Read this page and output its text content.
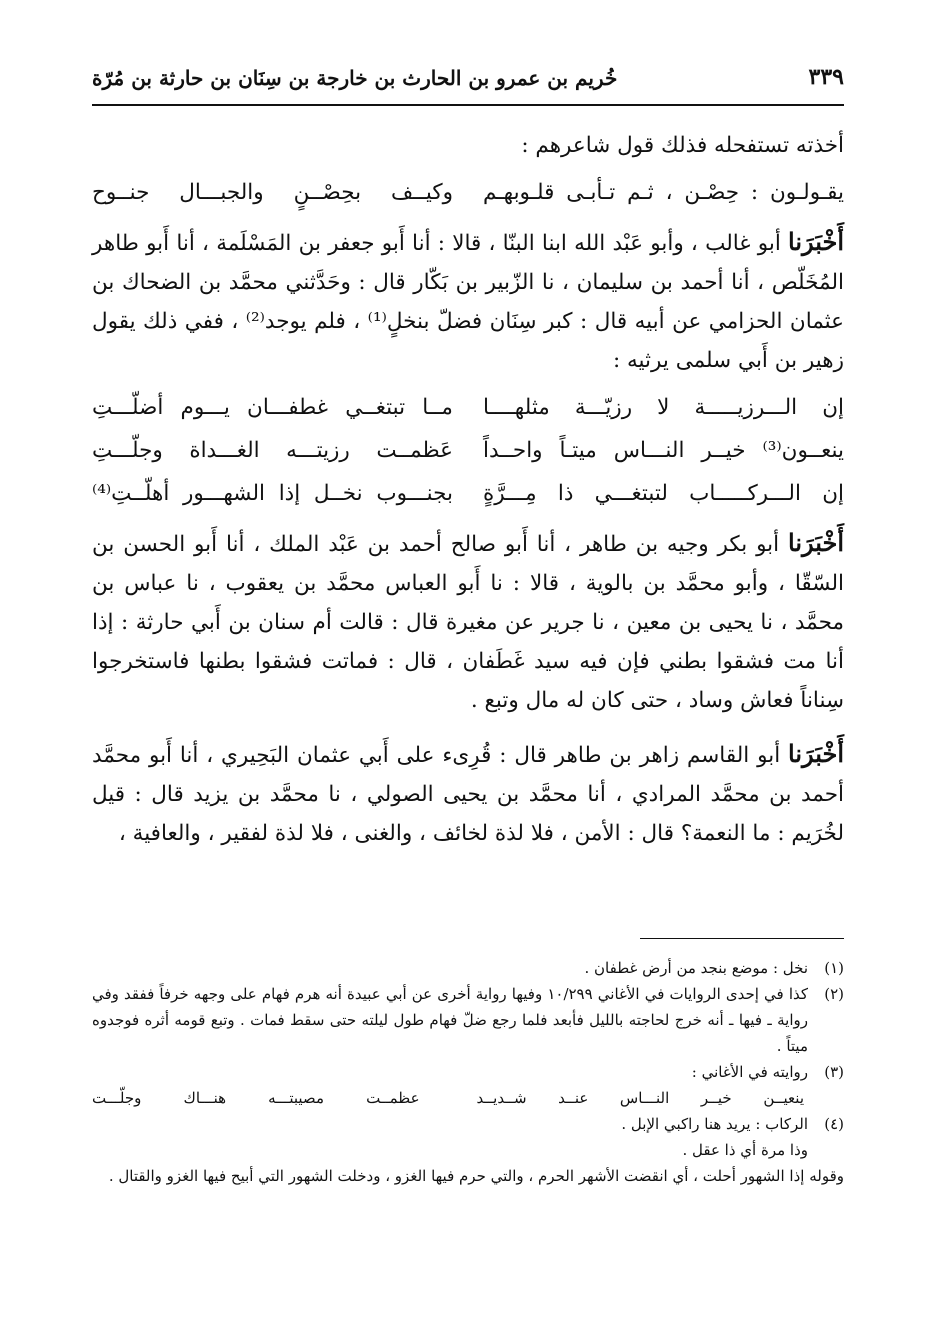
خُريم بن عمرو بن الحارث بن خارجة بن سِنَان بن حارثة بن مُرّة	٣٣٩

أخذته تستفحله فذلك قول شاعرهم :

يقـولـون : حِصْـن ، ثـم تـأبـى قلـوبهـم
وكيــف بحِصْــنٍ والجبـــال جنــوح

أَخْبَرَنا أبو غالب ، وأبو عَبْد الله ابنا البنّا ، قالا : أنا أَبو جعفر بن المَسْلَمة ، أنا أَبو طاهر المُخَلّص ، أنا أحمد بن سليمان ، نا الزّبير بن بَكّار قال : وحَدَّثني محمَّد بن الضحاك بن عثمان الحزامي عن أبيه قال : كبر سِنَان فضلّ بنخلٍ⁽¹⁾ ، فلم يوجد⁽²⁾ ، ففي ذلك يقول زهير بن أَبي سلمى يرثيه :

إن الـــرزيـــــة لا رزيّـــة مثلهــــا
مــا تبتغــي غطفـــان يـــوم أضلّـــتِ
ينعــون⁽³⁾ خيــر النـــاس ميتـاً واحــداً
عَظمــت رزيتـــه الغـــداة وجلّـــتِ
إن الـــركـــــاب لتبتغـــي ذا مِـــرَّةٍ
بجنـــوب نخــل إذا الشهـــور أهلّــتِ⁽⁴⁾

أَخْبَرَنا أبو بكر وجيه بن طاهر ، أنا أَبو صالح أحمد بن عَبْد الملك ، أنا أَبو الحسن بن السّقّا ، وأبو محمَّد بن بالوية ، قالا : نا أَبو العباس محمَّد بن يعقوب ، نا عباس بن محمَّد ، نا يحيى بن معين ، نا جرير عن مغيرة قال : قالت أم سنان بن أَبي حارثة : إذا أنا مت فشقوا بطني فإن فيه سيد غَطَفان ، قال : فماتت فشقوا بطنها فاستخرجوا سِناناً فعاش وساد ، حتى كان له مال وتبع .

أَخْبَرَنا أبو القاسم زاهر بن طاهر قال : قُرِىء على أَبي عثمان البَحِيري ، أنا أَبو محمَّد أحمد بن محمَّد المرادي ، أنا محمَّد بن يحيى الصولي ، نا محمَّد بن يزيد قال : قيل لخُرَيم : ما النعمة؟ قال : الأمن ، فلا لذة لخائف ، والغنى ، فلا لذة لفقير ، والعافية ،

(١)
نخل : موضع بنجد من أرض غطفان .
(٢)
كذا في إحدى الروايات في الأغاني ١٠/٢٩٩ وفيها رواية أخرى عن أبي عبيدة أنه هرم فهام على وجهه خرفاً ففقد وفي رواية ـ فيها ـ أنه خرج لحاجته بالليل فأبعد فلما رجع ضلّ فهام طول ليلته حتى سقط فمات . وتبع قومه أثره فوجدوه ميتاً .
(٣)
روايته في الأغاني :
ينعيــن خيــر النـــاس عنــد شــديــد
عظمــت مصيبتـــه هنـــاك وجلّـــت
(٤)
الركاب : يريد هنا راكبي الإبل .

وذا مرة أي ذا عقل .

وقوله إذا الشهور أحلت ، أي انقضت الأشهر الحرم ، والتي حرم فيها الغزو ، ودخلت الشهور التي أبيح فيها الغزو والقتال .
